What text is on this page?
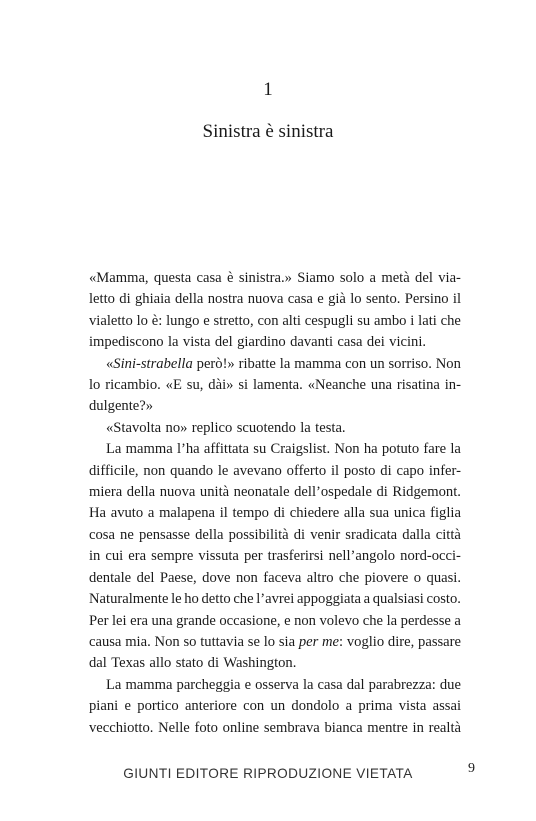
1
Sinistra è sinistra
«Mamma, questa casa è sinistra.» Siamo solo a metà del via-
letto di ghiaia della nostra nuova casa e già lo sento. Persino il
vialetto lo è: lungo e stretto, con alti cespugli su ambo i lati che
impediscono la vista del giardino davanti casa dei vicini.
«Sini-strabella però!» ribatte la mamma con un sorriso. Non
lo ricambio. «E su, dài» si lamenta. «Neanche una risatina in-
dulgente?»
«Stavolta no» replico scuotendo la testa.
La mamma l’ha affittata su Craigslist. Non ha potuto fare la
difficile, non quando le avevano offerto il posto di capo infer-
miera della nuova unità neonatale dell’ospedale di Ridgemont.
Ha avuto a malapena il tempo di chiedere alla sua unica figlia
cosa ne pensasse della possibilità di venir sradicata dalla città
in cui era sempre vissuta per trasferirsi nell’angolo nord-occi-
dentale del Paese, dove non faceva altro che piovere o quasi.
Naturalmente le ho detto che l’avrei appoggiata a qualsiasi costo.
Per lei era una grande occasione, e non volevo che la perdesse a
causa mia. Non so tuttavia se lo sia per me: voglio dire, passare
dal Texas allo stato di Washington.
La mamma parcheggia e osserva la casa dal parabrezza: due
piani e portico anteriore con un dondolo a prima vista assai
vecchiotto. Nelle foto online sembrava bianca mentre in realtà
9
GIUNTI EDITORE RIPRODUZIONE VIETATA
